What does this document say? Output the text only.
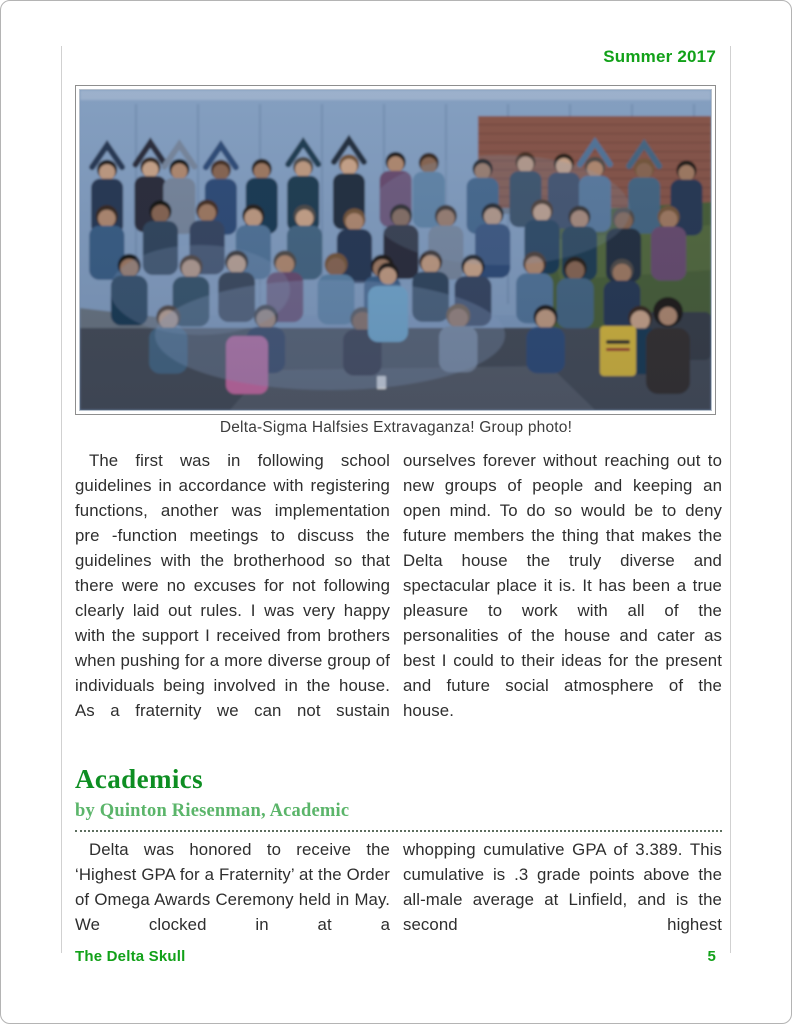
Summer 2017
Delta-Sigma Halfsies Extravaganza! Group photo!

The first was in following school guidelines in accordance with registering functions, another was implementation pre -function meetings to discuss the guidelines with the brotherhood so that there were no excuses for not following clearly laid out rules. I was very happy with the support I received from brothers when pushing for a more diverse group of individuals being involved in the house. As a fraternity we can not sustain

ourselves forever without reaching out to new groups of people and keeping an open mind. To do so would be to deny future members the thing that makes the Delta house the truly diverse and spectacular place it is. It has been a true pleasure to work with all of the personalities of the house and cater as best I could to their ideas for the present and future social atmosphere of the house.

Academics
by Quinton Riesenman, Academic

Delta was honored to receive the ‘Highest GPA for a Fraternity’ at the Order of Omega Awards Ceremony held in May. We clocked in at a

whopping cumulative GPA of 3.389. This cumulative is .3 grade points above the all-male average at Linfield, and is the second highest

The Delta Skull	5
